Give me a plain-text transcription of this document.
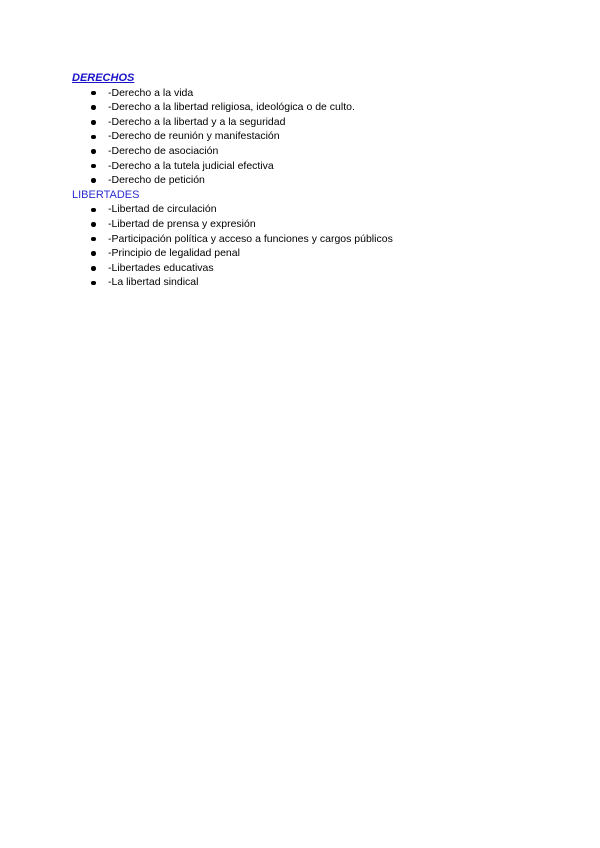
DERECHOS
-Derecho a la vida
-Derecho a la libertad religiosa, ideológica o de culto.
-Derecho a la libertad y a la seguridad
-Derecho de reunión y manifestación
-Derecho de asociación
-Derecho a la tutela judicial efectiva
-Derecho de petición
LIBERTADES
-Libertad de circulación
-Libertad de prensa y expresión
-Participación política y acceso a funciones y cargos públicos
-Principio de legalidad penal
-Libertades educativas
-La libertad sindical
